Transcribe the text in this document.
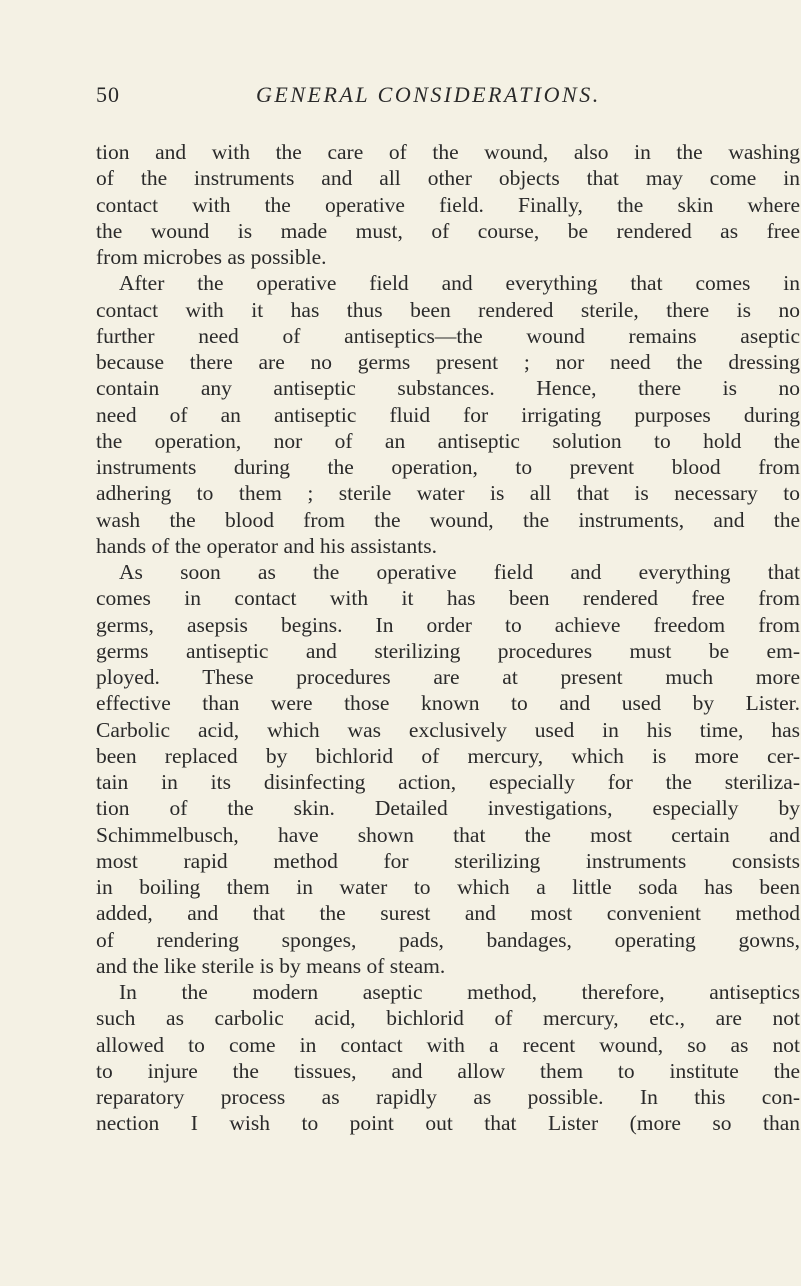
50	GENERAL CONSIDERATIONS.
tion and with the care of the wound, also in the washing
of the instruments and all other objects that may come in
contact with the operative field. Finally, the skin where
the wound is made must, of course, be rendered as free
from microbes as possible.
After the operative field and everything that comes in
contact with it has thus been rendered sterile, there is no
further need of antiseptics—the wound remains aseptic
because there are no germs present ; nor need the dressing
contain any antiseptic substances. Hence, there is no
need of an antiseptic fluid for irrigating purposes during
the operation, nor of an antiseptic solution to hold the
instruments during the operation, to prevent blood from
adhering to them ; sterile water is all that is necessary to
wash the blood from the wound, the instruments, and the
hands of the operator and his assistants.
As soon as the operative field and everything that
comes in contact with it has been rendered free from
germs, asepsis begins. In order to achieve freedom from
germs antiseptic and sterilizing procedures must be em-
ployed. These procedures are at present much more
effective than were those known to and used by Lister.
Carbolic acid, which was exclusively used in his time, has
been replaced by bichlorid of mercury, which is more cer-
tain in its disinfecting action, especially for the steriliza-
tion of the skin. Detailed investigations, especially by
Schimmelbusch, have shown that the most certain and
most rapid method for sterilizing instruments consists
in boiling them in water to which a little soda has been
added, and that the surest and most convenient method
of rendering sponges, pads, bandages, operating gowns,
and the like sterile is by means of steam.
In the modern aseptic method, therefore, antiseptics
such as carbolic acid, bichlorid of mercury, etc., are not
allowed to come in contact with a recent wound, so as not
to injure the tissues, and allow them to institute the
reparatory process as rapidly as possible. In this con-
nection I wish to point out that Lister (more so than
